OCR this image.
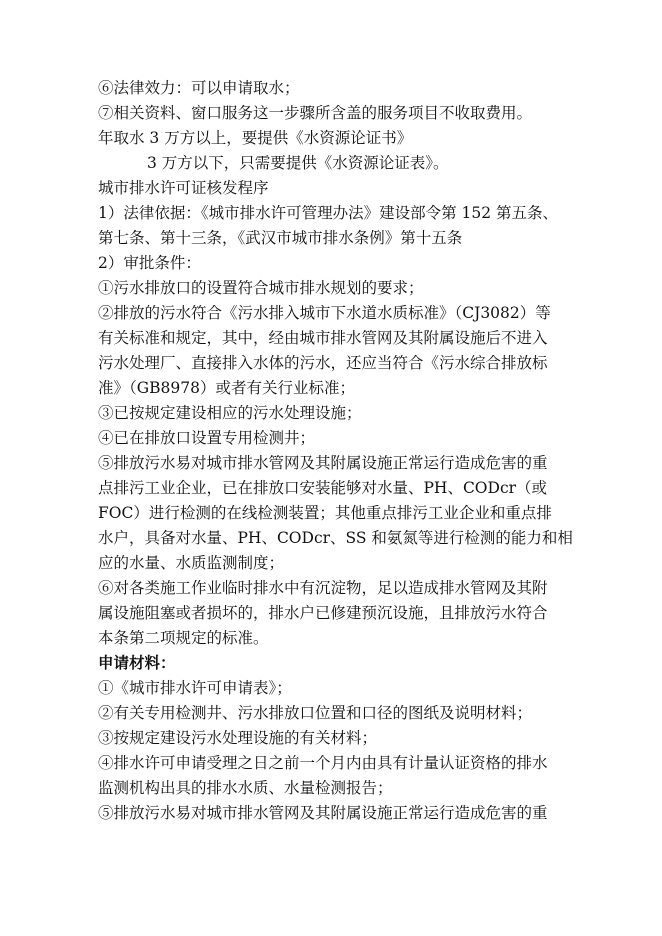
⑥法律效力：可以申请取水；
⑦相关资料、窗口服务这一步骤所含盖的服务项目不收取费用。
年取水 3 万方以上，要提供《水资源论证书》
3 万方以下，只需要提供《水资源论证表》。
城市排水许可证核发程序
1）法律依据：《城市排水许可管理办法》建设部令第 152 第五条、
第七条、第十三条，《武汉市城市排水条例》第十五条
2）审批条件：
①污水排放口的设置符合城市排水规划的要求；
②排放的污水符合《污水排入城市下水道水质标准》（CJ3082）等
有关标准和规定，其中，经由城市排水管网及其附属设施后不进入
污水处理厂、直接排入水体的污水，还应当符合《污水综合排放标
准》（GB8978）或者有关行业标准；
③已按规定建设相应的污水处理设施；
④已在排放口设置专用检测井；
⑤排放污水易对城市排水管网及其附属设施正常运行造成危害的重
点排污工业企业，已在排放口安装能够对水量、PH、CODcr（或
FOC）进行检测的在线检测装置；其他重点排污工业企业和重点排
水户，具备对水量、PH、CODcr、SS 和氨氮等进行检测的能力和相
应的水量、水质监测制度；
⑥对各类施工作业临时排水中有沉淀物，足以造成排水管网及其附
属设施阻塞或者损坏的，排水户已修建预沉设施，且排放污水符合
本条第二项规定的标准。
申请材料：
①《城市排水许可申请表》；
②有关专用检测井、污水排放口位置和口径的图纸及说明材料；
③按规定建设污水处理设施的有关材料；
④排水许可申请受理之日之前一个月内由具有计量认证资格的排水
监测机构出具的排水水质、水量检测报告；
⑤排放污水易对城市排水管网及其附属设施正常运行造成危害的重
